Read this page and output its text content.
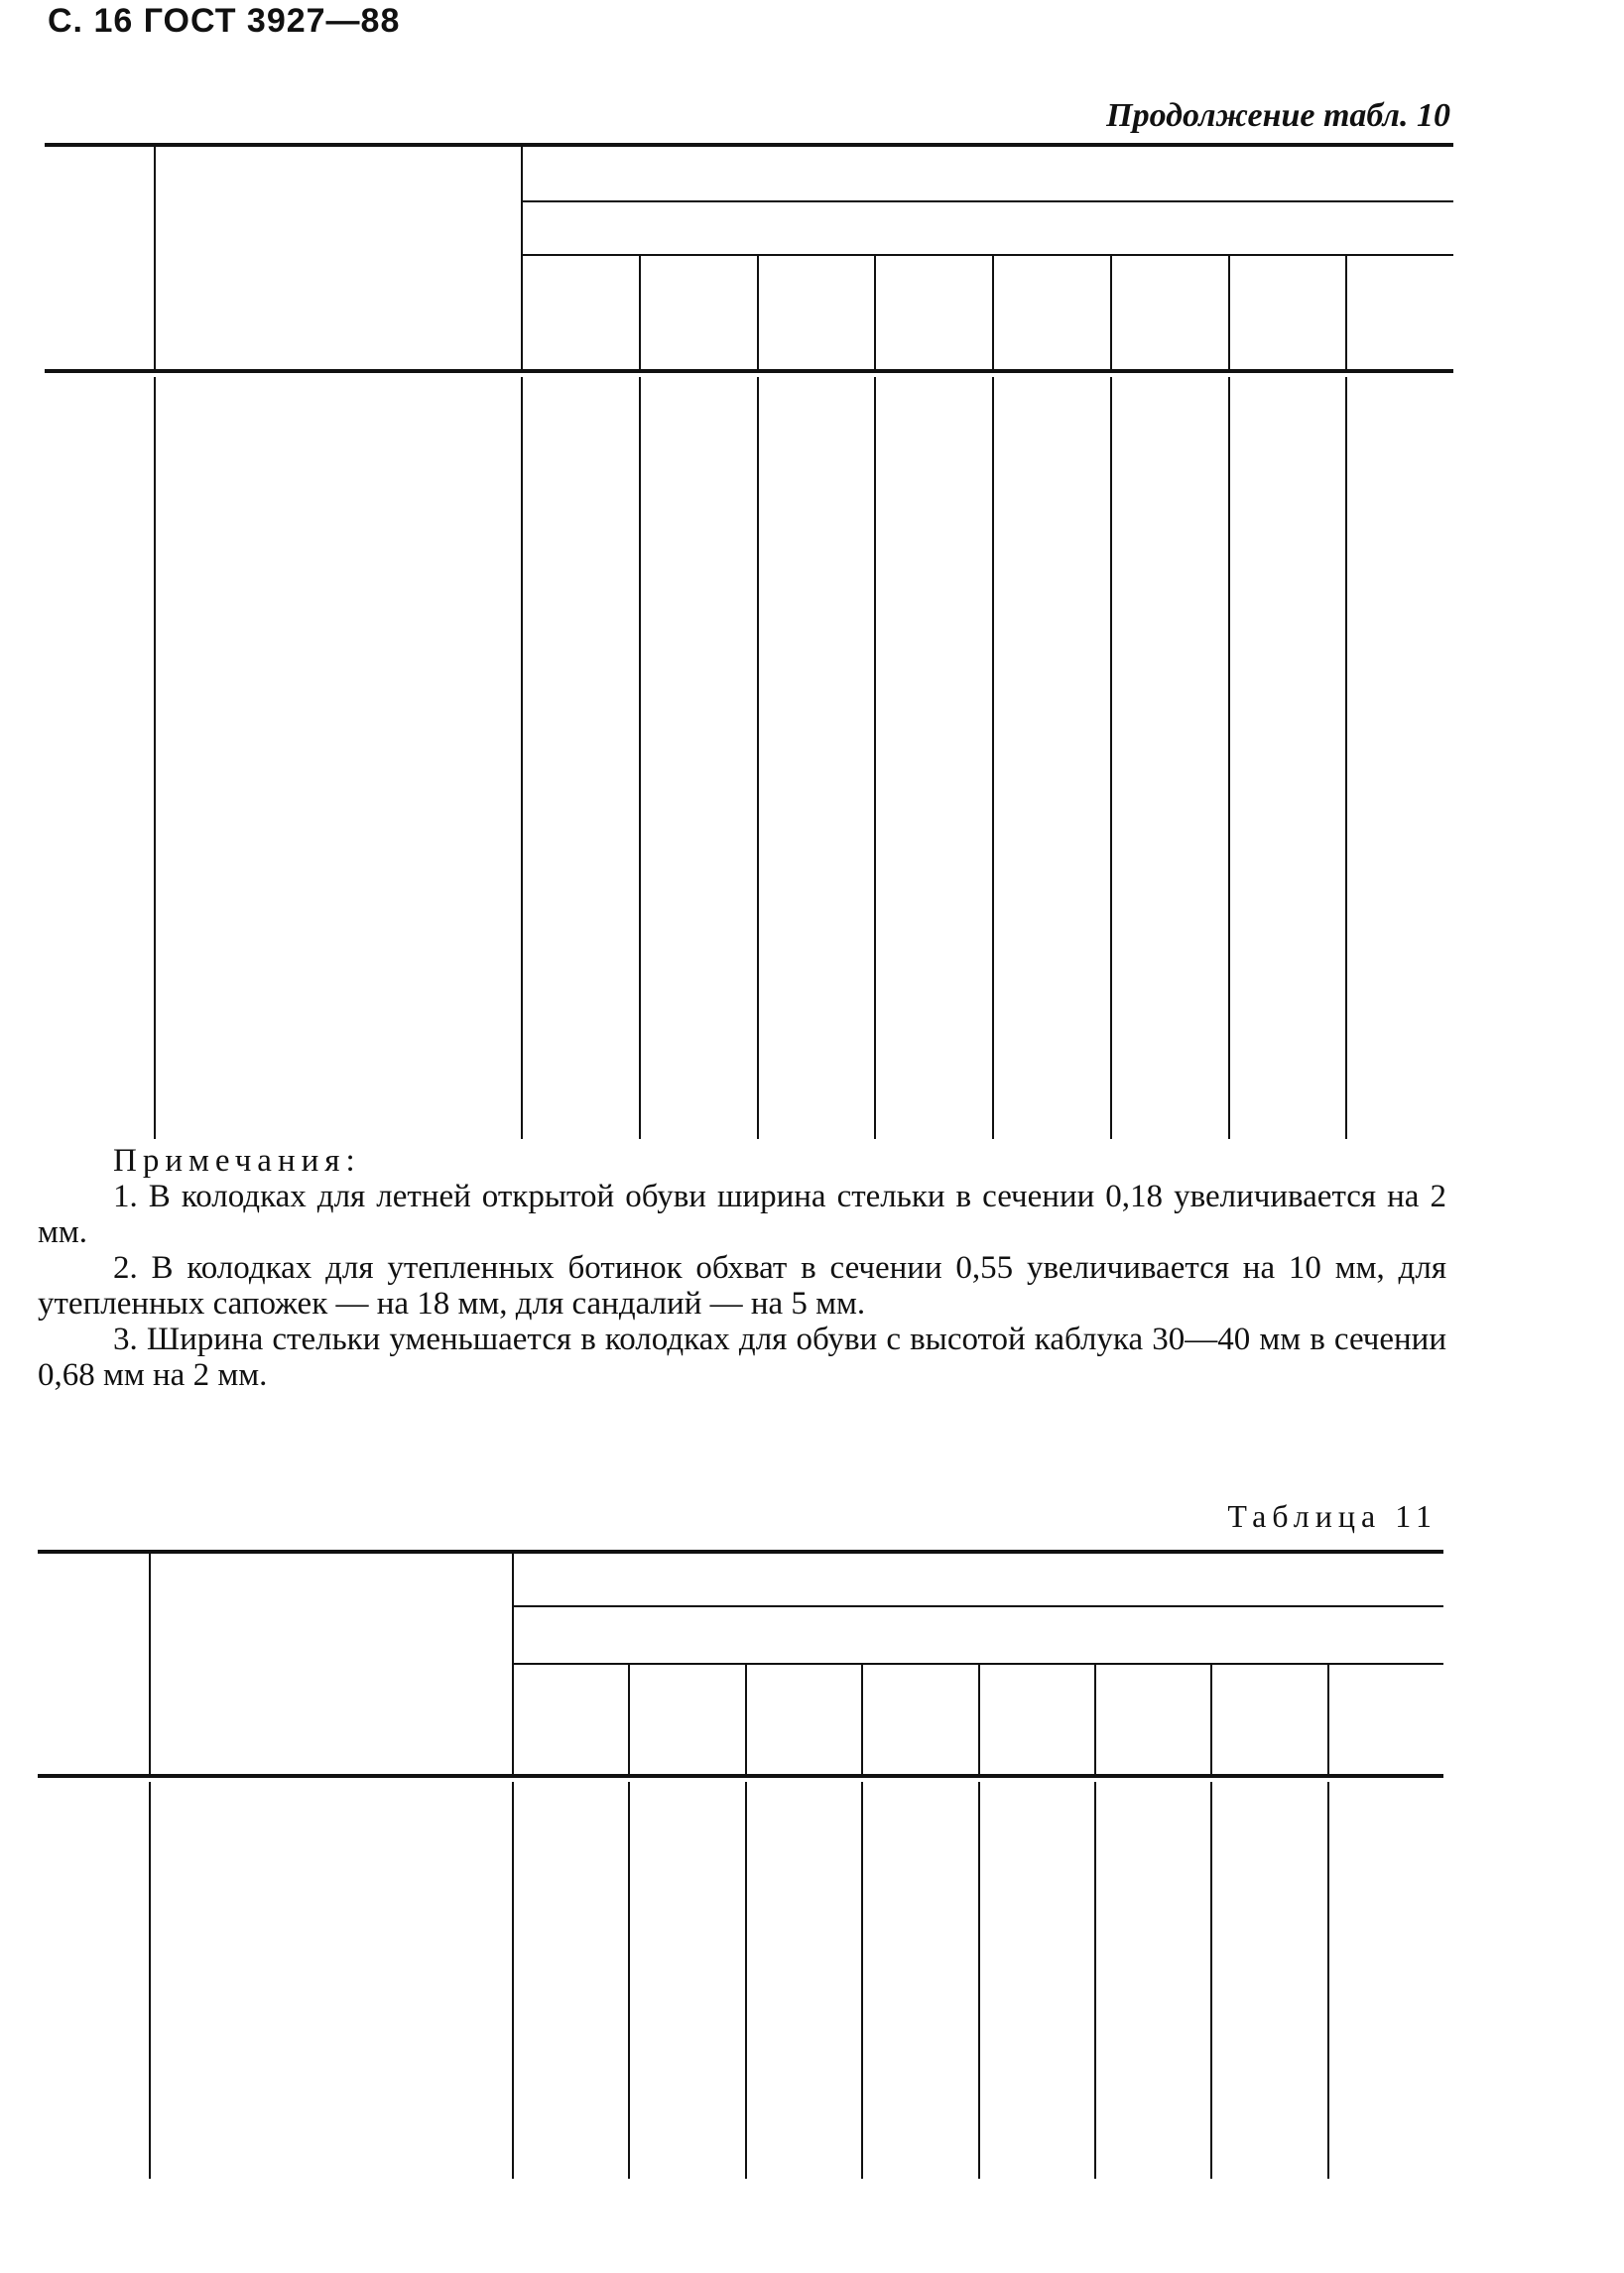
С. 16 ГОСТ 3927—88
Продолжение табл. 10
Примечания:

1. В колодках для летней открытой обуви ширина стельки в сечении 0,18 увеличивается на 2 мм.

2. В колодках для утепленных ботинок обхват в сечении 0,55 увеличивается на 10 мм, для утепленных сапожек — на 18 мм, для сандалий — на 5 мм.

3. Ширина стельки уменьшается в колодках для обуви с высотой каблука 30—40 мм в сечении 0,68 мм на 2 мм.

Таблица 11
